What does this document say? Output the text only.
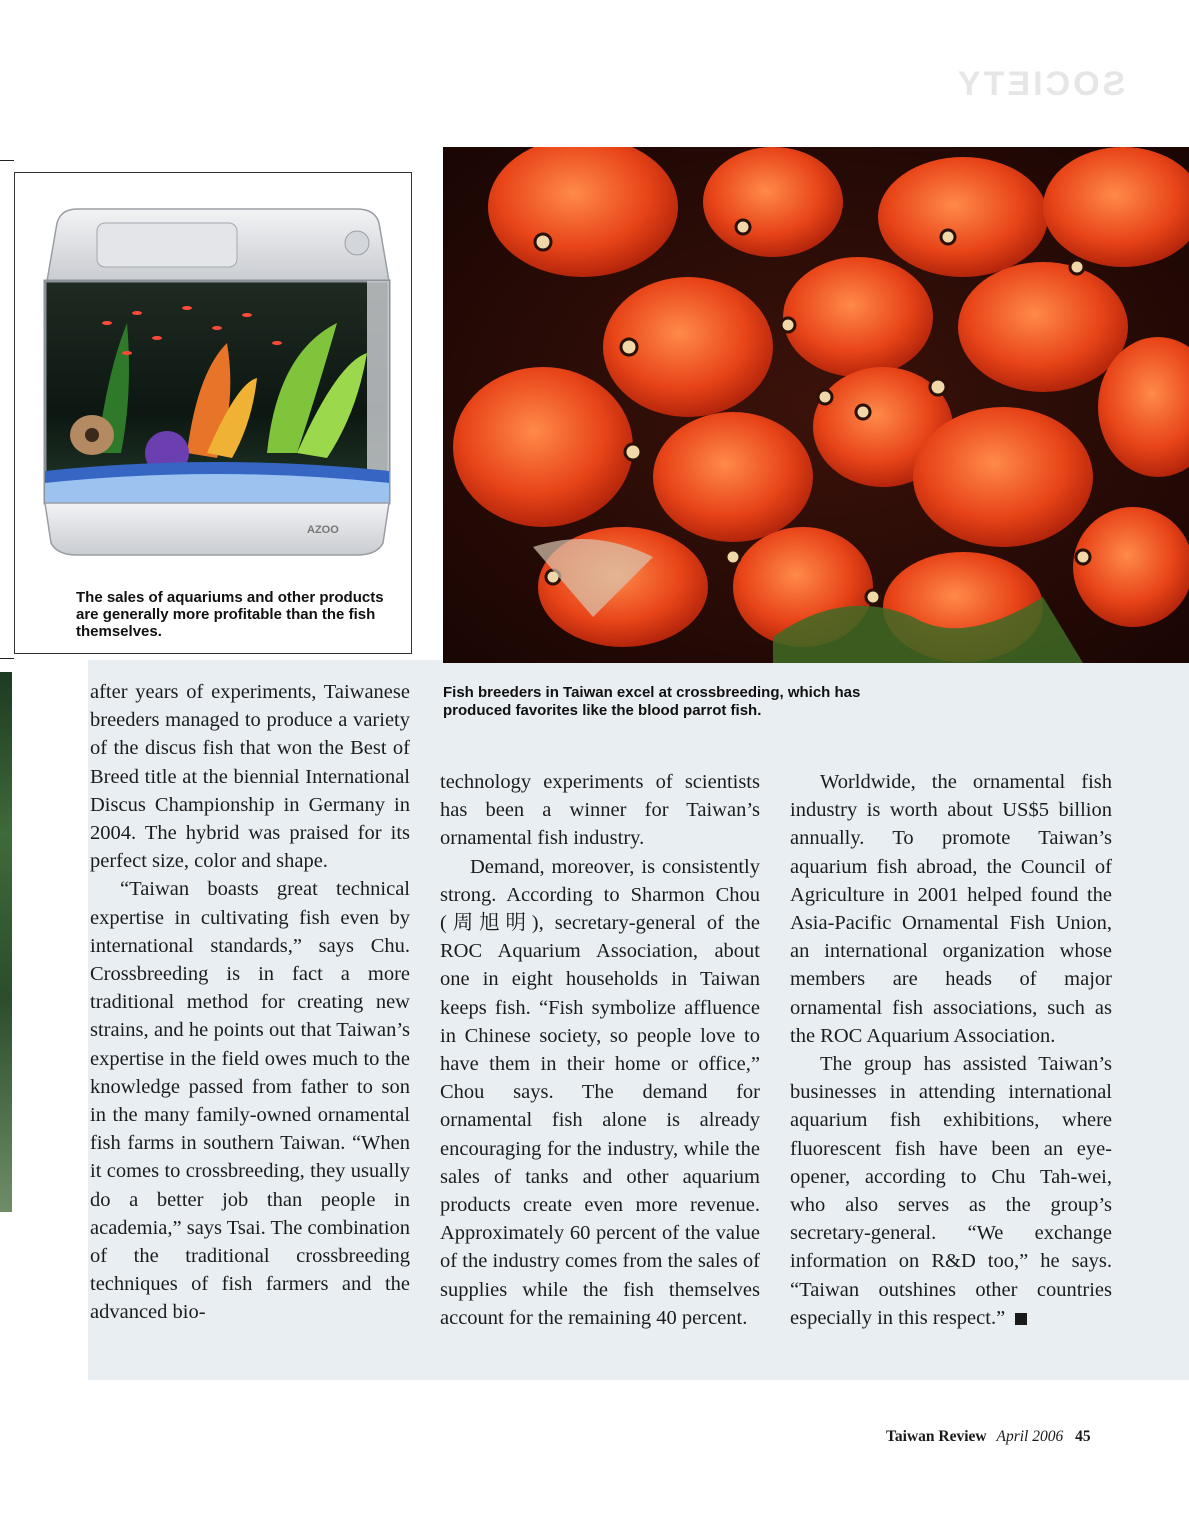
SOCIETY
AZOO
The sales of aquariums and other products are generally more profitable than the fish themselves.
Fish breeders in Taiwan excel at crossbreeding, which has produced favorites like the blood parrot fish.

after years of experiments, Taiwanese breeders managed to produce a variety of the discus fish that won the Best of Breed title at the biennial International Discus Championship in Germany in 2004. The hybrid was praised for its perfect size, color and shape.

“Taiwan boasts great technical expertise in cultivating fish even by international standards,” says Chu. Crossbreeding is in fact a more traditional method for creating new strains, and he points out that Taiwan’s expertise in the field owes much to the knowledge passed from father to son in the many family-owned ornamental fish farms in southern Taiwan. “When it comes to crossbreeding, they usually do a better job than people in academia,” says Tsai. The combination of the traditional crossbreeding techniques of fish farmers and the advanced bio-

technology experiments of scientists has been a winner for Taiwan’s ornamental fish industry.

Demand, moreover, is consistently strong. According to Sharmon Chou (周旭明), secretary-general of the ROC Aquarium Association, about one in eight households in Taiwan keeps fish. “Fish symbolize affluence in Chinese society, so people love to have them in their home or office,” Chou says. The demand for ornamental fish alone is already encouraging for the industry, while the sales of tanks and other aquarium products create even more revenue. Approximately 60 percent of the value of the industry comes from the sales of supplies while the fish themselves account for the remaining 40 percent.

Worldwide, the ornamental fish industry is worth about US$5 billion annually. To promote Taiwan’s aquarium fish abroad, the Council of Agriculture in 2001 helped found the Asia-Pacific Ornamental Fish Union, an international organization whose members are heads of major ornamental fish associations, such as the ROC Aquarium Association.

The group has assisted Taiwan’s businesses in attending international aquarium fish exhibitions, where fluorescent fish have been an eye-opener, according to Chu Tah-wei, who also serves as the group’s secretary-general. “We exchange information on R&D too,” he says. “Taiwan outshines other countries especially in this respect.”

Taiwan Review April 2006 45
